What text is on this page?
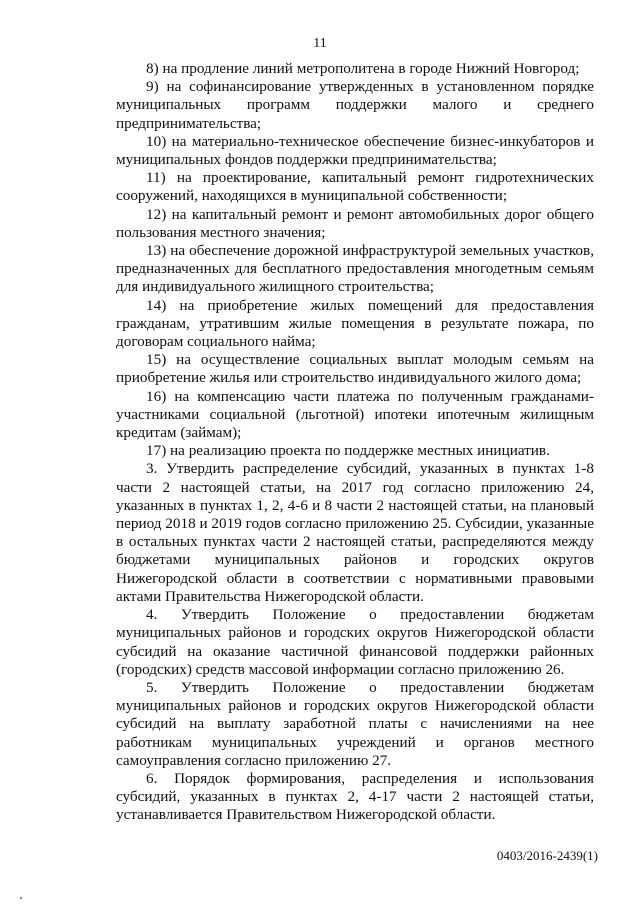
11

8) на продление линий метрополитена в городе Нижний Новгород;

9) на софинансирование утвержденных в установленном порядке муниципальных программ поддержки малого и среднего предпринимательства;

10) на материально-техническое обеспечение бизнес-инкубаторов и муниципальных фондов поддержки предпринимательства;

11) на проектирование, капитальный ремонт гидротехнических сооружений, находящихся в муниципальной собственности;

12) на капитальный ремонт и ремонт автомобильных дорог общего пользования местного значения;

13) на обеспечение дорожной инфраструктурой земельных участков, предназначенных для бесплатного предоставления многодетным семьям для индивидуального жилищного строительства;

14) на приобретение жилых помещений для предоставления гражданам, утратившим жилые помещения в результате пожара, по договорам социального найма;

15) на осуществление социальных выплат молодым семьям на приобретение жилья или строительство индивидуального жилого дома;

16) на компенсацию части платежа по полученным гражданами-участниками социальной (льготной) ипотеки ипотечным жилищным кредитам (займам);

17) на реализацию проекта по поддержке местных инициатив.

3. Утвердить распределение субсидий, указанных в пунктах 1-8 части 2 настоящей статьи, на 2017 год согласно приложению 24, указанных в пунктах 1, 2, 4-6 и 8 части 2 настоящей статьи, на плановый период 2018 и 2019 годов согласно приложению 25. Субсидии, указанные в остальных пунктах части 2 настоящей статьи, распределяются между бюджетами муниципальных районов и городских округов Нижегородской области в соответствии с нормативными правовыми актами Правительства Нижегородской области.

4. Утвердить Положение о предоставлении бюджетам муниципальных районов и городских округов Нижегородской области субсидий на оказание частичной финансовой поддержки районных (городских) средств массовой информации согласно приложению 26.

5. Утвердить Положение о предоставлении бюджетам муниципальных районов и городских округов Нижегородской области субсидий на выплату заработной платы с начислениями на нее работникам муниципальных учреждений и органов местного самоуправления согласно приложению 27.

6. Порядок формирования, распределения и использования субсидий, указанных в пунктах 2, 4-17 части 2 настоящей статьи, устанавливается Правительством Нижегородской области.

0403/2016-2439(1)
